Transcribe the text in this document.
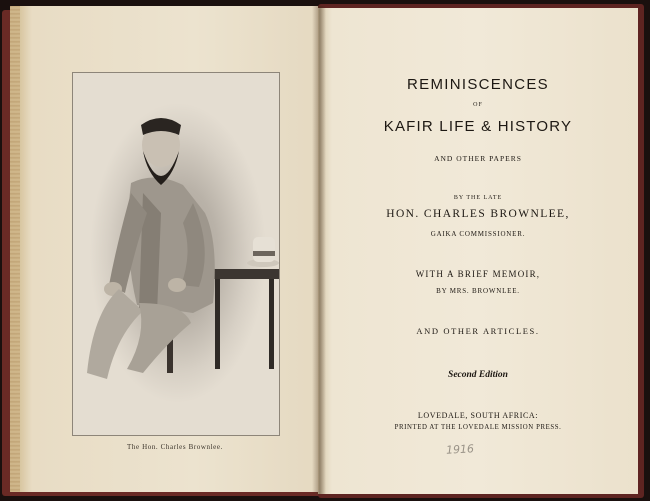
The Hon. Charles Brownlee.
REMINISCENCES
OF
KAFIR LIFE & HISTORY
AND OTHER PAPERS
BY THE LATE
HON. CHARLES BROWNLEE,
GAIKA COMMISSIONER.
WITH A BRIEF MEMOIR,
BY MRS. BROWNLEE.
AND OTHER ARTICLES.
Second Edition
LOVEDALE, SOUTH AFRICA:
PRINTED AT THE LOVEDALE MISSION PRESS.
1916
